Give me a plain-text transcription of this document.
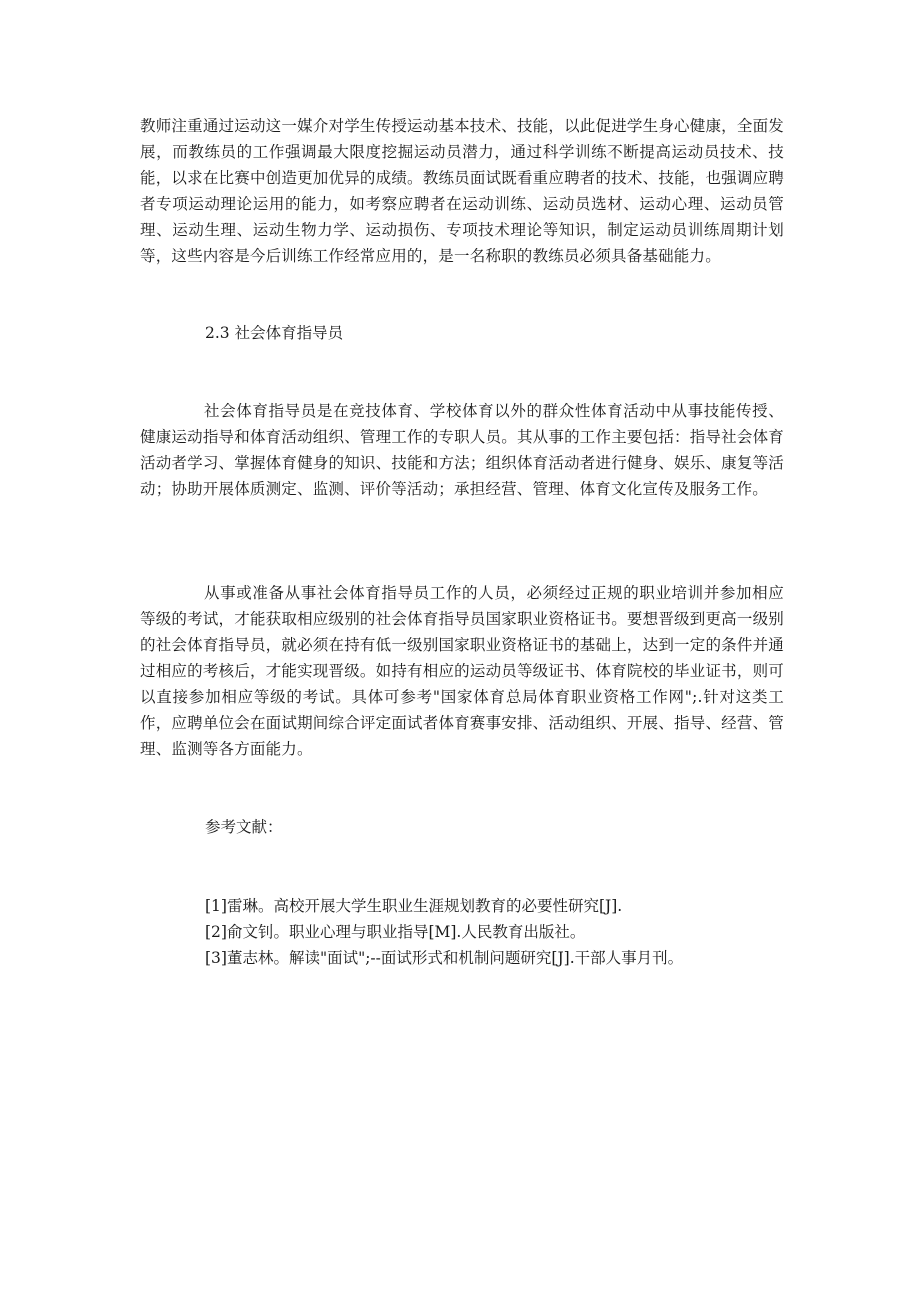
教师注重通过运动这一媒介对学生传授运动基本技术、技能，以此促进学生身心健康，全面发展，而教练员的工作强调最大限度挖掘运动员潜力，通过科学训练不断提高运动员技术、技能，以求在比赛中创造更加优异的成绩。教练员面试既看重应聘者的技术、技能，也强调应聘者专项运动理论运用的能力，如考察应聘者在运动训练、运动员选材、运动心理、运动员管理、运动生理、运动生物力学、运动损伤、专项技术理论等知识，制定运动员训练周期计划等，这些内容是今后训练工作经常应用的，是一名称职的教练员必须具备基础能力。

2.3 社会体育指导员

社会体育指导员是在竞技体育、学校体育以外的群众性体育活动中从事技能传授、健康运动指导和体育活动组织、管理工作的专职人员。其从事的工作主要包括：指导社会体育活动者学习、掌握体育健身的知识、技能和方法；组织体育活动者进行健身、娱乐、康复等活动；协助开展体质测定、监测、评价等活动；承担经营、管理、体育文化宣传及服务工作。

从事或准备从事社会体育指导员工作的人员，必须经过正规的职业培训并参加相应等级的考试，才能获取相应级别的社会体育指导员国家职业资格证书。要想晋级到更高一级别的社会体育指导员，就必须在持有低一级别国家职业资格证书的基础上，达到一定的条件并通过相应的考核后，才能实现晋级。如持有相应的运动员等级证书、体育院校的毕业证书，则可以直接参加相应等级的考试。具体可参考"国家体育总局体育职业资格工作网";.针对这类工作，应聘单位会在面试期间综合评定面试者体育赛事安排、活动组织、开展、指导、经营、管理、监测等各方面能力。

参考文献：

[1]雷琳。高校开展大学生职业生涯规划教育的必要性研究[J].
[2]俞文钊。职业心理与职业指导[M].人民教育出版社。
[3]董志林。解读"面试";--面试形式和机制问题研究[J].干部人事月刊。
